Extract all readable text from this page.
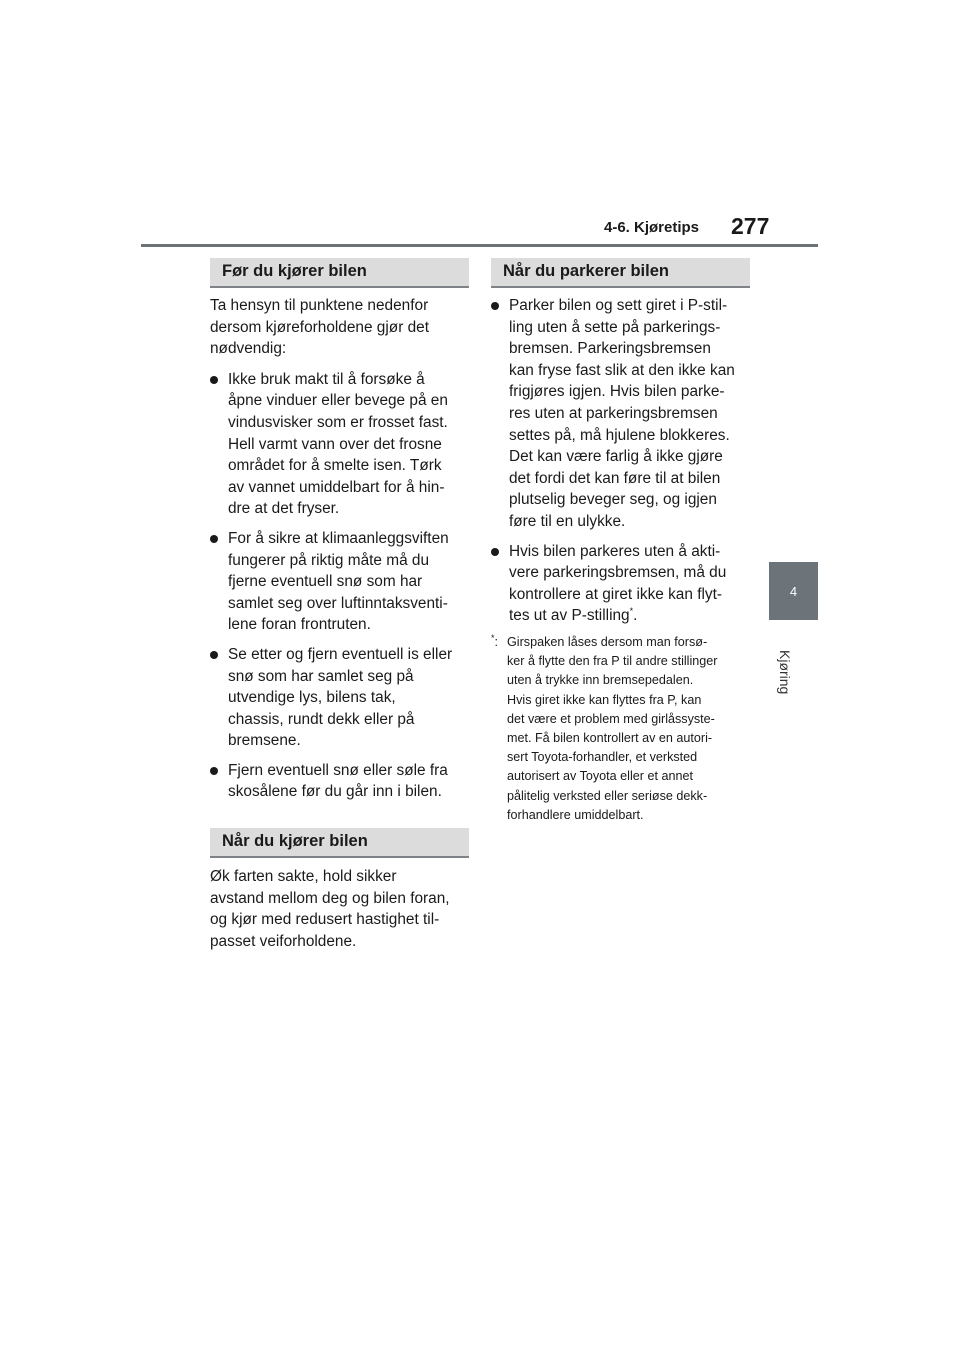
4-6. Kjøretips 277
4
Kjøring
Før du kjører bilen

Ta hensyn til punktene nedenfor
dersom kjøreforholdene gjør det
nødvendig:

Ikke bruk makt til å forsøke å
åpne vinduer eller bevege på en
vindusvisker som er frosset fast.
Hell varmt vann over det frosne
området for å smelte isen. Tørk
av vannet umiddelbart for å hin-
dre at det fryser.
For å sikre at klimaanleggsviften
fungerer på riktig måte må du
fjerne eventuell snø som har
samlet seg over luftinntaksventi-
lene foran frontruten.
Se etter og fjern eventuell is eller
snø som har samlet seg på
utvendige lys, bilens tak,
chassis, rundt dekk eller på
bremsene.
Fjern eventuell snø eller søle fra
skosålene før du går inn i bilen.
Når du kjører bilen

Øk farten sakte, hold sikker
avstand mellom deg og bilen foran,
og kjør med redusert hastighet til-
passet veiforholdene.

Når du parkerer bilen
Parker bilen og sett giret i P-stil-
ling uten å sette på parkerings-
bremsen. Parkeringsbremsen
kan fryse fast slik at den ikke kan
frigjøres igjen. Hvis bilen parke-
res uten at parkeringsbremsen
settes på, må hjulene blokkeres.
Det kan være farlig å ikke gjøre
det fordi det kan føre til at bilen
plutselig beveger seg, og igjen
føre til en ulykke.
Hvis bilen parkeres uten å akti-
vere parkeringsbremsen, må du
kontrollere at giret ikke kan flyt-
tes ut av P-stilling*.
*: Girspaken låses dersom man forsø-
ker å flytte den fra P til andre stillinger
uten å trykke inn bremsepedalen.
Hvis giret ikke kan flyttes fra P, kan
det være et problem med girlåssyste-
met. Få bilen kontrollert av en autori-
sert Toyota-forhandler, et verksted
autorisert av Toyota eller et annet
pålitelig verksted eller seriøse dekk-
forhandlere umiddelbart.
